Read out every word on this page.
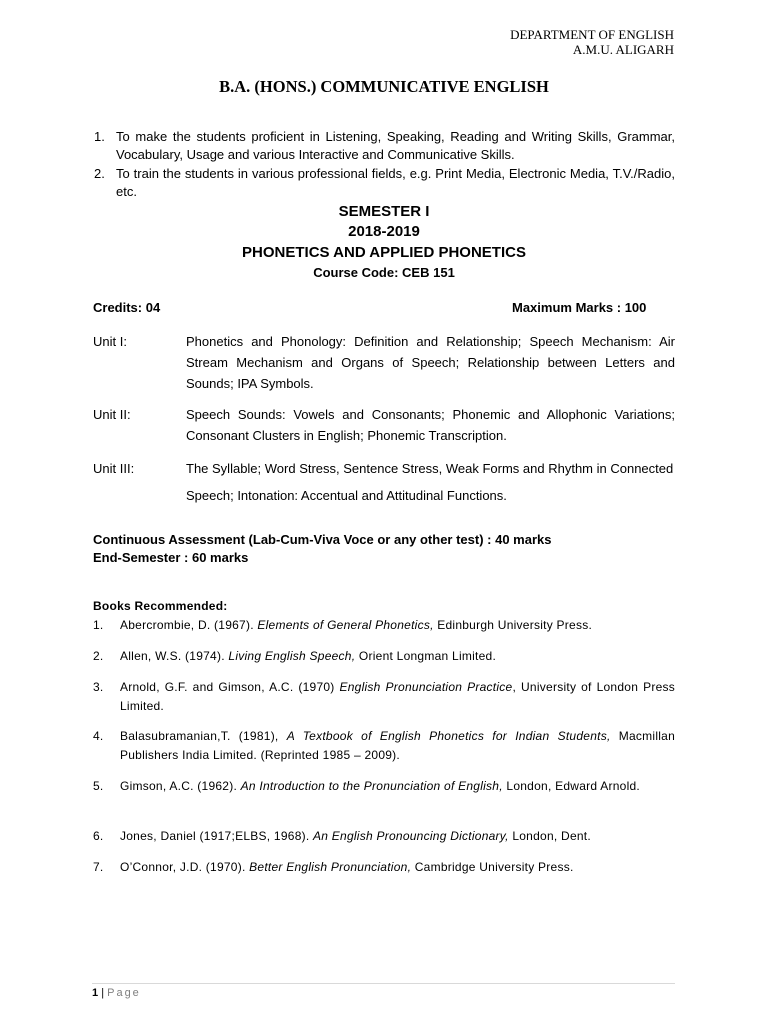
DEPARTMENT OF ENGLISH
A.M.U. ALIGARH
B.A. (HONS.) COMMUNICATIVE ENGLISH
1. To make the students proficient in Listening, Speaking, Reading and Writing Skills, Grammar, Vocabulary, Usage and various Interactive and Communicative Skills.
2. To train the students in various professional fields, e.g. Print Media, Electronic Media, T.V./Radio, etc.
SEMESTER I
2018-2019
PHONETICS AND APPLIED PHONETICS
Course Code: CEB 151
Credits: 04	Maximum Marks : 100
Unit I:	Phonetics and Phonology: Definition and Relationship; Speech Mechanism: Air Stream Mechanism and Organs of Speech; Relationship between Letters and Sounds; IPA Symbols.
Unit II:	Speech Sounds: Vowels and Consonants; Phonemic and Allophonic Variations; Consonant Clusters in English; Phonemic Transcription.
Unit III:	The Syllable; Word Stress, Sentence Stress, Weak Forms and Rhythm in Connected
Speech; Intonation: Accentual and Attitudinal Functions.
Continuous Assessment (Lab-Cum-Viva Voce or any other test) : 40 marks
End-Semester : 60 marks
Books Recommended:
1. Abercrombie, D. (1967). Elements of General Phonetics, Edinburgh University Press.
2. Allen, W.S. (1974). Living English Speech, Orient Longman Limited.
3. Arnold, G.F. and Gimson, A.C. (1970) English Pronunciation Practice, University of London Press Limited.
4. Balasubramanian,T. (1981), A Textbook of English Phonetics for Indian Students, Macmillan Publishers India Limited. (Reprinted 1985 – 2009).
5. Gimson, A.C. (1962). An Introduction to the Pronunciation of English, London, Edward Arnold.
6. Jones, Daniel (1917;ELBS, 1968). An English Pronouncing Dictionary, London, Dent.
7. O’Connor, J.D. (1970). Better English Pronunciation, Cambridge University Press.
1 | Page
